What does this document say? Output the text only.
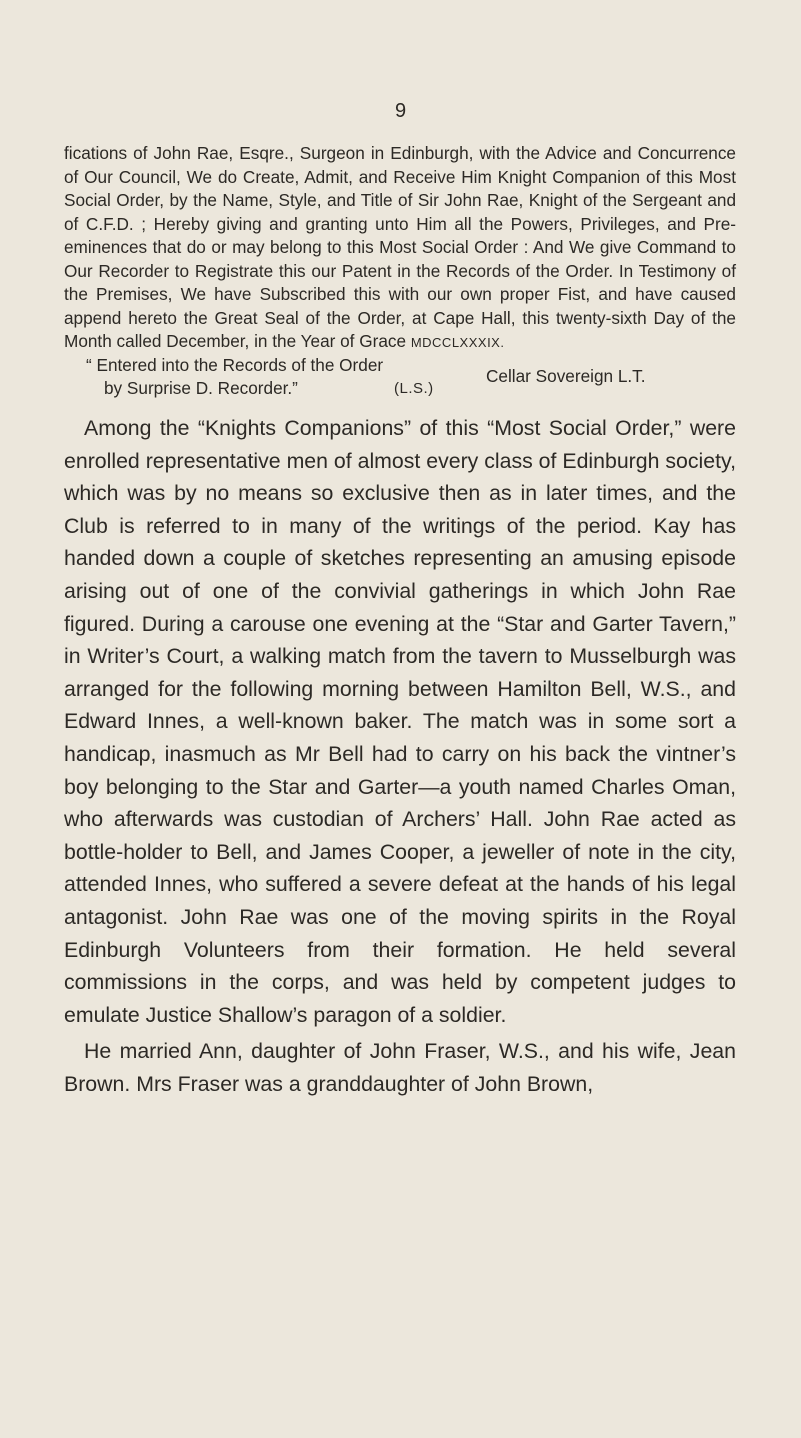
9

fications of John Rae, Esqre., Surgeon in Edinburgh, with the Advice and Concurrence of Our Council, We do Create, Admit, and Receive Him Knight Companion of this Most Social Order, by the Name, Style, and Title of Sir John Rae, Knight of the Sergeant and of C.F.D. ; Hereby giving and granting unto Him all the Powers, Privileges, and Pre-eminences that do or may belong to this Most Social Order : And We give Command to Our Recorder to Registrate this our Patent in the Records of the Order. In Testimony of the Premises, We have Subscribed this with our own proper Fist, and have caused append hereto the Great Seal of the Order, at Cape Hall, this twenty-sixth Day of the Month called December, in the Year of Grace MDCCLXXXIX.

“ Entered into the Records of the Order
by Surprise D. Recorder.”	(L.S.)

Cellar Sovereign L.T.

Among the “Knights Companions” of this “Most Social Order,” were enrolled representative men of almost every class of Edinburgh society, which was by no means so exclusive then as in later times, and the Club is referred to in many of the writings of the period. Kay has handed down a couple of sketches representing an amusing episode arising out of one of the convivial gatherings in which John Rae figured. During a carouse one evening at the “Star and Garter Tavern,” in Writer’s Court, a walking match from the tavern to Musselburgh was arranged for the following morning between Hamilton Bell, W.S., and Edward Innes, a well-known baker. The match was in some sort a handicap, inasmuch as Mr Bell had to carry on his back the vintner’s boy belonging to the Star and Garter—a youth named Charles Oman, who afterwards was custodian of Archers’ Hall. John Rae acted as bottle-holder to Bell, and James Cooper, a jeweller of note in the city, attended Innes, who suffered a severe defeat at the hands of his legal antagonist. John Rae was one of the moving spirits in the Royal Edinburgh Volunteers from their formation. He held several commissions in the corps, and was held by competent judges to emulate Justice Shallow’s paragon of a soldier.

He married Ann, daughter of John Fraser, W.S., and his wife, Jean Brown. Mrs Fraser was a granddaughter of John Brown,
